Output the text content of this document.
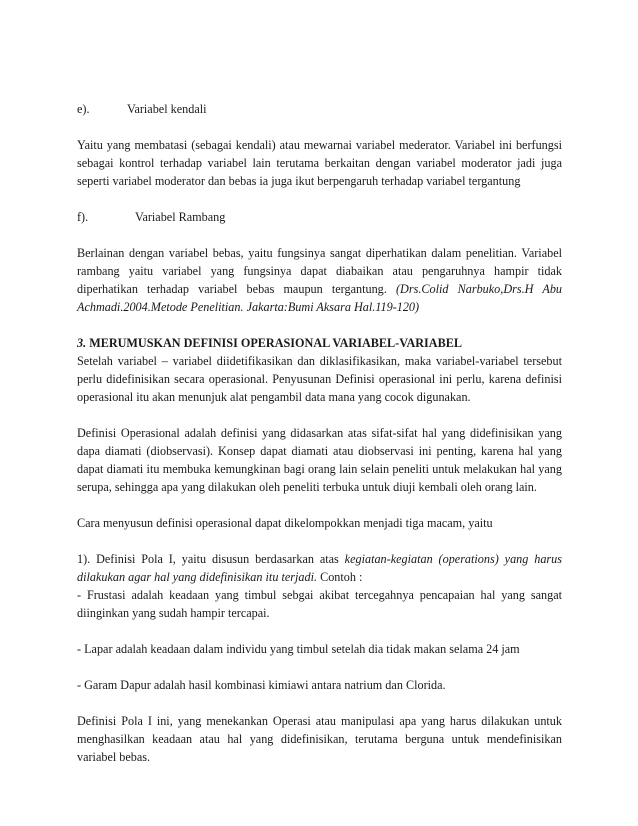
e).	Variabel kendali

Yaitu yang membatasi (sebagai kendali) atau mewarnai variabel mederator. Variabel ini berfungsi sebagai kontrol terhadap variabel lain terutama berkaitan dengan variabel moderator jadi juga seperti variabel moderator dan bebas ia juga ikut berpengaruh terhadap variabel tergantung

f).	Variabel Rambang

Berlainan dengan variabel bebas, yaitu fungsinya sangat diperhatikan dalam penelitian. Variabel rambang yaitu variabel yang fungsinya dapat diabaikan atau pengaruhnya hampir tidak diperhatikan terhadap variabel bebas maupun tergantung. (Drs.Colid Narbuko,Drs.H Abu Achmadi.2004.Metode Penelitian. Jakarta:Bumi Aksara Hal.119-120)

3. MERUMUSKAN DEFINISI OPERASIONAL VARIABEL-VARIABEL

Setelah variabel – variabel diidetifikasikan dan diklasifikasikan, maka variabel-variabel tersebut perlu didefinisikan secara operasional. Penyusunan Definisi operasional ini perlu, karena definisi operasional itu akan menunjuk alat pengambil data mana yang cocok digunakan.

Definisi Operasional adalah definisi yang didasarkan atas sifat-sifat hal yang didefinisikan yang dapa diamati (diobservasi). Konsep dapat diamati atau diobservasi ini penting, karena hal yang dapat diamati itu membuka kemungkinan bagi orang lain selain peneliti untuk melakukan hal yang serupa, sehingga apa yang dilakukan oleh peneliti terbuka untuk diuji kembali oleh orang lain.

Cara menyusun definisi operasional dapat dikelompokkan menjadi tiga macam, yaitu

1). Definisi Pola I, yaitu disusun berdasarkan atas kegiatan-kegiatan (operations) yang harus dilakukan agar hal yang didefinisikan itu terjadi. Contoh :

- Frustasi adalah keadaan yang timbul sebgai akibat tercegahnya pencapaian hal yang sangat diinginkan yang sudah hampir tercapai.

- Lapar adalah keadaan dalam individu yang timbul setelah dia tidak makan selama 24 jam

- Garam Dapur adalah hasil kombinasi kimiawi antara natrium dan Clorida.

Definisi Pola I ini, yang menekankan Operasi atau manipulasi apa yang harus dilakukan untuk menghasilkan keadaan atau hal yang didefinisikan, terutama berguna untuk mendefinisikan variabel bebas.
